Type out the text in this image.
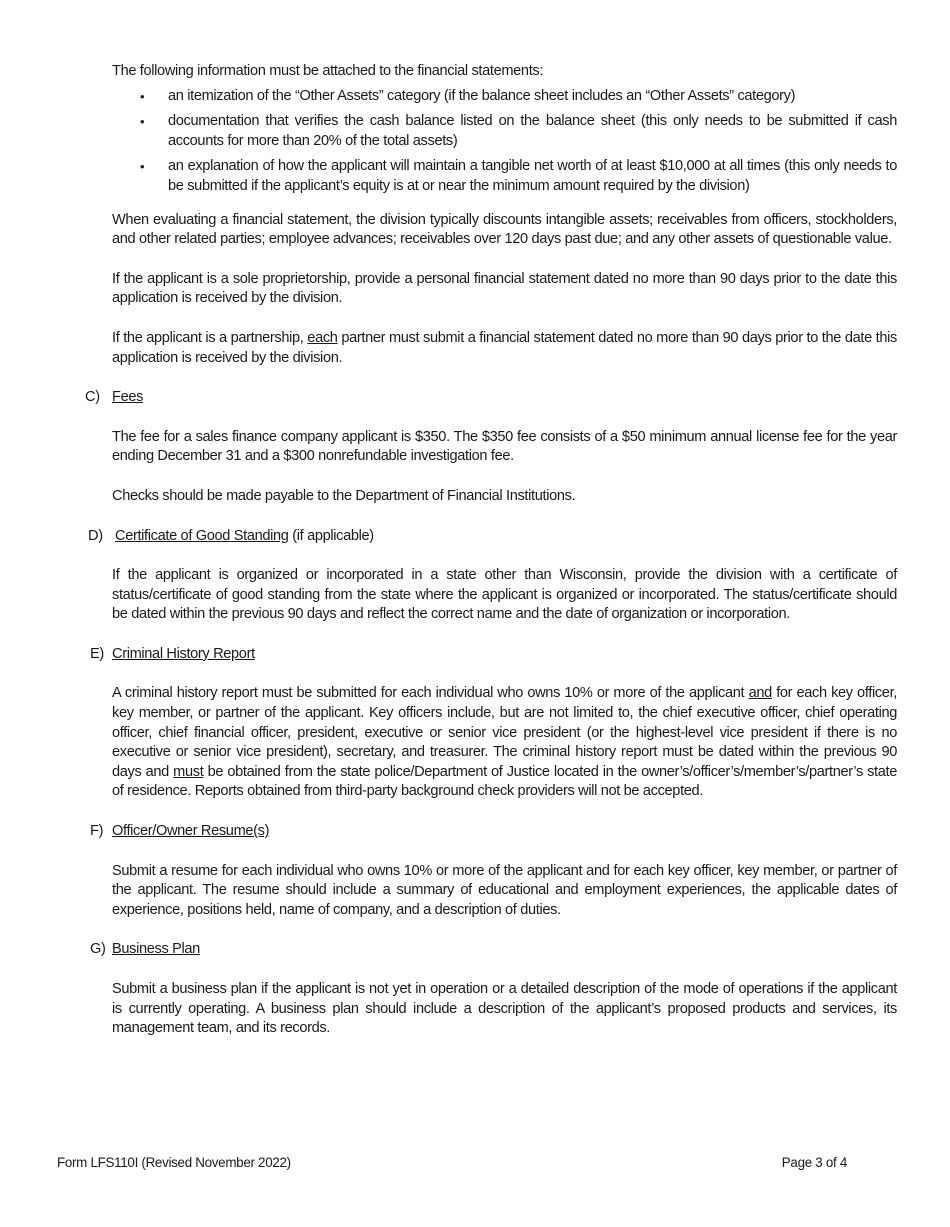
The following information must be attached to the financial statements:

• an itemization of the “Other Assets” category (if the balance sheet includes an “Other Assets” category)
• documentation that verifies the cash balance listed on the balance sheet (this only needs to be submitted if cash accounts for more than 20% of the total assets)
• an explanation of how the applicant will maintain a tangible net worth of at least $10,000 at all times (this only needs to be submitted if the applicant’s equity is at or near the minimum amount required by the division)

When evaluating a financial statement, the division typically discounts intangible assets; receivables from officers, stockholders, and other related parties; employee advances; receivables over 120 days past due; and any other assets of questionable value.

If the applicant is a sole proprietorship, provide a personal financial statement dated no more than 90 days prior to the date this application is received by the division.

If the applicant is a partnership, each partner must submit a financial statement dated no more than 90 days prior to the date this application is received by the division.

C) Fees

The fee for a sales finance company applicant is $350. The $350 fee consists of a $50 minimum annual license fee for the year ending December 31 and a $300 nonrefundable investigation fee.

Checks should be made payable to the Department of Financial Institutions.

D) Certificate of Good Standing (if applicable)

If the applicant is organized or incorporated in a state other than Wisconsin, provide the division with a certificate of status/certificate of good standing from the state where the applicant is organized or incorporated. The status/certificate should be dated within the previous 90 days and reflect the correct name and the date of organization or incorporation.

E) Criminal History Report

A criminal history report must be submitted for each individual who owns 10% or more of the applicant and for each key officer, key member, or partner of the applicant. Key officers include, but are not limited to, the chief executive officer, chief operating officer, chief financial officer, president, executive or senior vice president (or the highest-level vice president if there is no executive or senior vice president), secretary, and treasurer. The criminal history report must be dated within the previous 90 days and must be obtained from the state police/Department of Justice located in the owner’s/officer’s/member’s/partner’s state of residence. Reports obtained from third-party background check providers will not be accepted.

F) Officer/Owner Resume(s)

Submit a resume for each individual who owns 10% or more of the applicant and for each key officer, key member, or partner of the applicant. The resume should include a summary of educational and employment experiences, the applicable dates of experience, positions held, name of company, and a description of duties.

G) Business Plan

Submit a business plan if the applicant is not yet in operation or a detailed description of the mode of operations if the applicant is currently operating. A business plan should include a description of the applicant’s proposed products and services, its management team, and its records.

Form LFS110I (Revised November 2022)	Page 3 of 4
